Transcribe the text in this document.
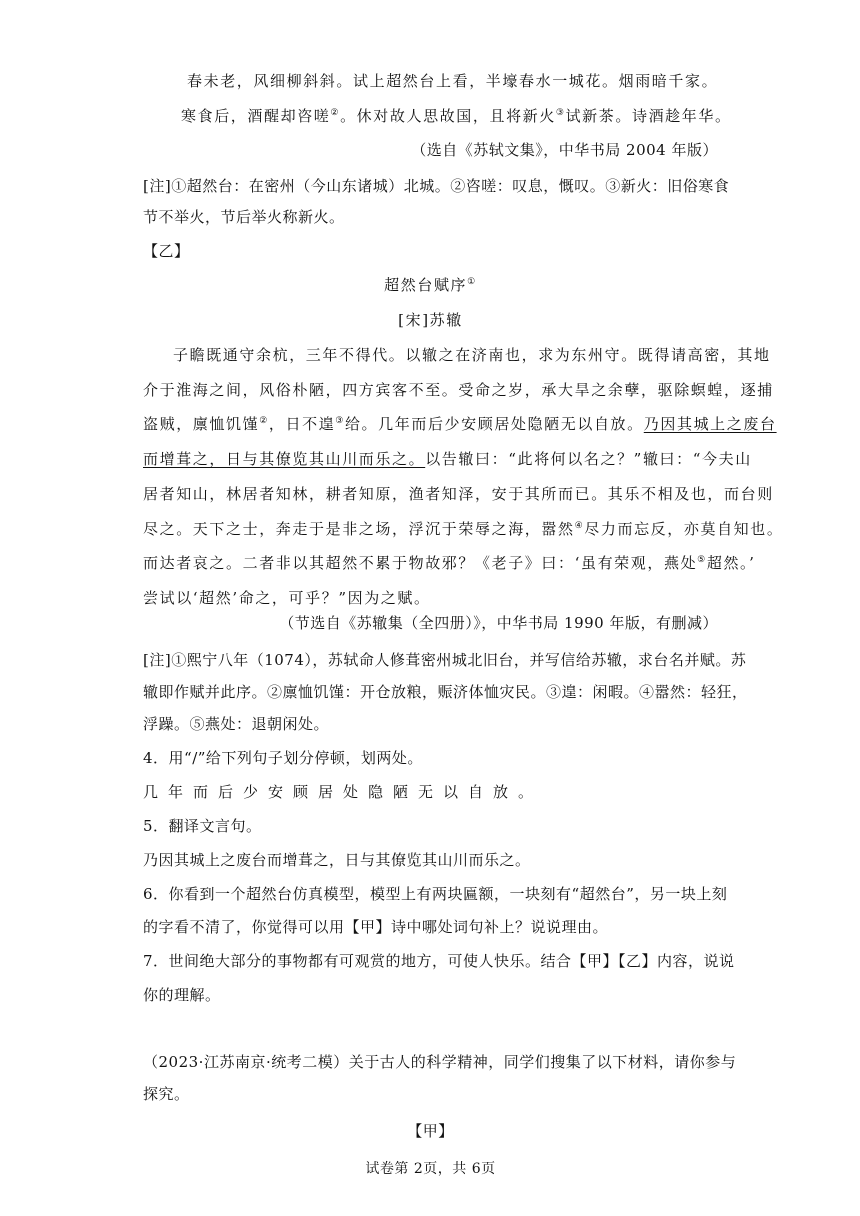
春未老，风细柳斜斜。试上超然台上看，半壕春水一城花。烟雨暗千家。
寒食后，酒醒却咨嗟②。休对故人思故国，且将新火③试新茶。诗酒趁年华。
（选自《苏轼文集》，中华书局 2004 年版）
[注]①超然台：在密州（今山东诸城）北城。②咨嗟：叹息，慨叹。③新火：旧俗寒食
节不举火，节后举火称新火。
【乙】
超然台赋序①
[宋]苏辙
子瞻既通守余杭，三年不得代。以辙之在济南也，求为东州守。既得请高密，其地
介于淮海之间，风俗朴陋，四方宾客不至。受命之岁，承大旱之余孽，驱除螟蝗，逐捕
盗贼，廪恤饥馑②，日不遑③给。几年而后少安顾居处隐陋无以自放。乃因其城上之废台
而增葺之，日与其僚览其山川而乐之。以告辙曰：“此将何以名之？”辙曰：“今夫山
居者知山，林居者知林，耕者知原，渔者知泽，安于其所而已。其乐不相及也，而台则
尽之。天下之士，奔走于是非之场，浮沉于荣辱之海，嚣然④尽力而忘反，亦莫自知也。
而达者哀之。二者非以其超然不累于物故邪？《老子》曰：‘虽有荣观，燕处⑤超然。’
尝试以‘超然’命之，可乎？”因为之赋。
（节选自《苏辙集（全四册）》，中华书局 1990 年版，有删减）
[注]①熙宁八年（1074），苏轼命人修葺密州城北旧台，并写信给苏辙，求台名并赋。苏
辙即作赋并此序。②廪恤饥馑：开仓放粮，赈济体恤灾民。③遑：闲暇。④嚣然：轻狂，
浮躁。⑤燕处：退朝闲处。
4．用“/”给下列句子划分停顿，划两处。
几年而后少安顾居处隐陋无以自放。
5．翻译文言句。
乃因其城上之废台而增葺之，日与其僚览其山川而乐之。
6．你看到一个超然台仿真模型，模型上有两块匾额，一块刻有“超然台”，另一块上刻
的字看不清了，你觉得可以用【甲】诗中哪处词句补上？说说理由。
7．世间绝大部分的事物都有可观赏的地方，可使人快乐。结合【甲】【乙】内容，说说
你的理解。
（2023·江苏南京·统考二模）关于古人的科学精神，同学们搜集了以下材料，请你参与
探究。
【甲】
试卷第 2页，共 6页
